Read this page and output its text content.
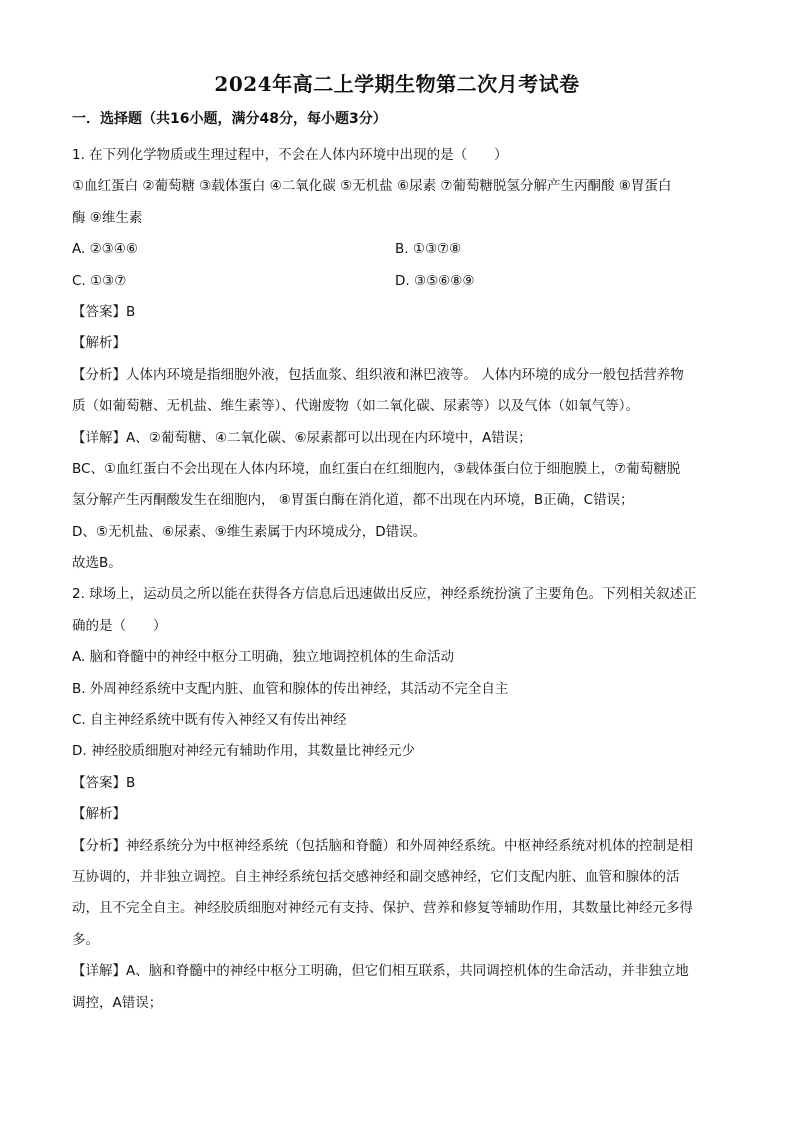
2024年高二上学期生物第二次月考试卷
一．选择题（共16小题，满分48分，每小题3分）
1. 在下列化学物质或生理过程中，不会在人体内环境中出现的是（　　）
①血红蛋白 ②葡萄糖 ③载体蛋白 ④二氧化碳 ⑤无机盐 ⑥尿素 ⑦葡萄糖脱氢分解产生丙酮酸 ⑧胃蛋白
酶 ⑨维生素
A. ②③④⑥	B. ①③⑦⑧
C. ①③⑦	D. ③⑤⑥⑧⑨
【答案】B
【解析】
【分析】人体内环境是指细胞外液，包括血浆、组织液和淋巴液等。 人体内环境的成分一般包括营养物
质（如葡萄糖、无机盐、维生素等）、代谢废物（如二氧化碳、尿素等）以及气体（如氧气等）。
【详解】A、②葡萄糖、④二氧化碳、⑥尿素都可以出现在内环境中，A错误；
BC、①血红蛋白不会出现在人体内环境，血红蛋白在红细胞内，③载体蛋白位于细胞膜上，⑦葡萄糖脱
氢分解产生丙酮酸发生在细胞内， ⑧胃蛋白酶在消化道，都不出现在内环境，B正确，C错误；
D、⑤无机盐、⑥尿素、⑨维生素属于内环境成分，D错误。
故选B。
2. 球场上，运动员之所以能在获得各方信息后迅速做出反应，神经系统扮演了主要角色。下列相关叙述正
确的是（　　）
A. 脑和脊髓中的神经中枢分工明确，独立地调控机体的生命活动
B. 外周神经系统中支配内脏、血管和腺体的传出神经，其活动不完全自主
C. 自主神经系统中既有传入神经又有传出神经
D. 神经胶质细胞对神经元有辅助作用，其数量比神经元少
【答案】B
【解析】
【分析】神经系统分为中枢神经系统（包括脑和脊髓）和外周神经系统。中枢神经系统对机体的控制是相
互协调的，并非独立调控。自主神经系统包括交感神经和副交感神经，它们支配内脏、血管和腺体的活
动，且不完全自主。神经胶质细胞对神经元有支持、保护、营养和修复等辅助作用，其数量比神经元多得
多。
【详解】A、脑和脊髓中的神经中枢分工明确，但它们相互联系，共同调控机体的生命活动，并非独立地
调控，A错误；
